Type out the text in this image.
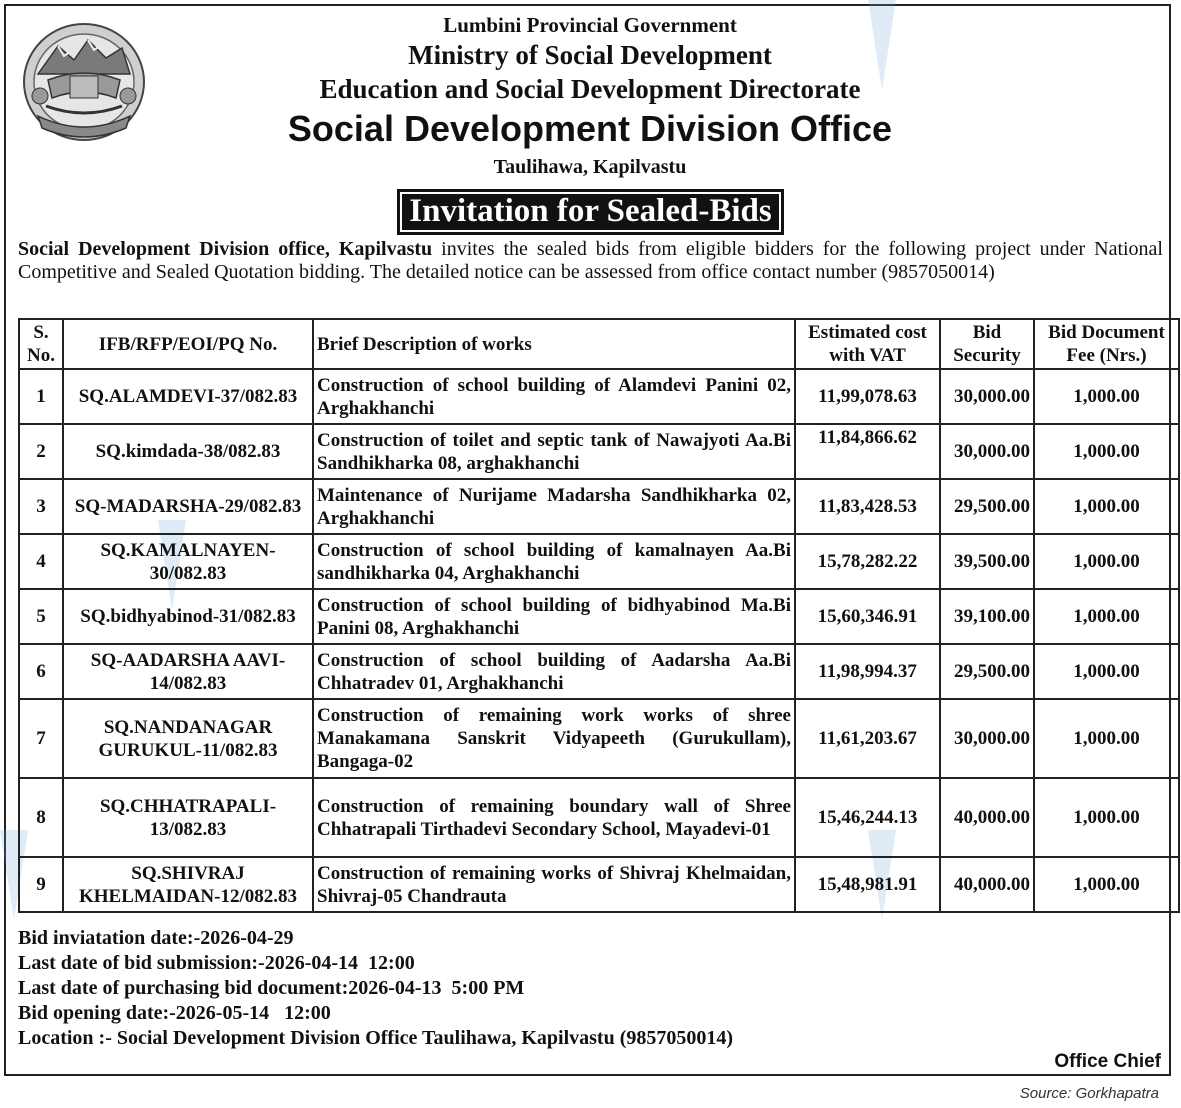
Lumbini Provincial Government
Ministry of Social Development
Education and Social Development Directorate
Social Development Division Office
Taulihawa, Kapilvastu
Invitation for Sealed-Bids
Social Development Division office, Kapilvastu invites the sealed bids from eligible bidders for the following project under National Competitive and Sealed Quotation bidding. The detailed notice can be assessed from office contact number (9857050014)
S. No.	IFB/RFP/EOI/PQ No.	Brief Description of works	Estimated cost with VAT	Bid Security	Bid Document Fee (Nrs.)
1	SQ.ALAMDEVI-37/082.83	Construction of school building of Alamdevi Panini 02, Arghakhanchi	11,99,078.63	30,000.00	1,000.00
2	SQ.kimdada-38/082.83	Construction of toilet and septic tank of Nawajyoti Aa.Bi Sandhikharka 08, arghakhanchi	11,84,866.62	30,000.00	1,000.00
3	SQ-MADARSHA-29/082.83	Maintenance of Nurijame Madarsha Sandhikharka 02, Arghakhanchi	11,83,428.53	29,500.00	1,000.00
4	SQ.KAMALNAYEN-30/082.83	Construction of school building of kamalnayen Aa.Bi sandhikharka 04, Arghakhanchi	15,78,282.22	39,500.00	1,000.00
5	SQ.bidhyabinod-31/082.83	Construction of school building of bidhyabinod Ma.Bi Panini 08, Arghakhanchi	15,60,346.91	39,100.00	1,000.00
6	SQ-AADARSHA AAVI-14/082.83	Construction of school building of Aadarsha Aa.Bi Chhatradev 01, Arghakhanchi	11,98,994.37	29,500.00	1,000.00
7	SQ.NANDANAGAR GURUKUL-11/082.83	Construction of remaining work works of shree Manakamana Sanskrit Vidyapeeth (Gurukullam), Bangaga-02	11,61,203.67	30,000.00	1,000.00
8	SQ.CHHATRAPALI-13/082.83	Construction of remaining boundary wall of Shree Chhatrapali Tirthadevi Secondary School, Mayadevi-01	15,46,244.13	40,000.00	1,000.00
9	SQ.SHIVRAJ KHELMAIDAN-12/082.83	Construction of remaining works of Shivraj Khelmaidan, Shivraj-05 Chandrauta	15,48,981.91	40,000.00	1,000.00
Bid inviatation date:-2026-04-29
Last date of bid submission:-2026-04-14  12:00
Last date of purchasing bid document:2026-04-13  5:00 PM
Bid opening date:-2026-05-14   12:00
Location :- Social Development Division Office Taulihawa, Kapilvastu (9857050014)
Office Chief
Source: Gorkhapatra
